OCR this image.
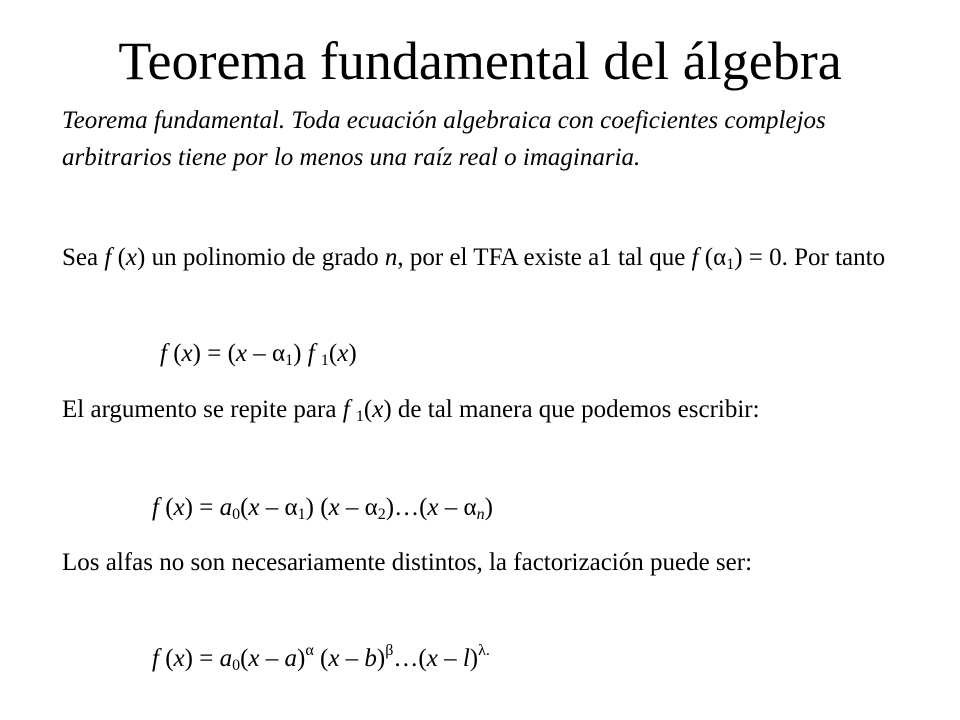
Teorema fundamental del álgebra
Teorema fundamental. Toda ecuación algebraica con coeficientes complejos arbitrarios tiene por lo menos una raíz real o imaginaria.
Sea f (x) un polinomio de grado n, por el TFA existe a1 tal que f $(\alpha_1) = 0$. Por tanto
f $(x) = (x - \alpha_1)$ f $_1$(x)
El argumento se repite para f $_1$(x) de tal manera que podemos escribir:
f $(x) = a_0(x - \alpha_1)$ $(x - \alpha_2)\dots(x - \alpha_n)$
Los alfas no son necesariamente distintos, la factorización puede ser:
f $(x) = a_0(x - a)^\alpha$ (x – b)$^\beta$…(x – l)$^{\lambda.}$
